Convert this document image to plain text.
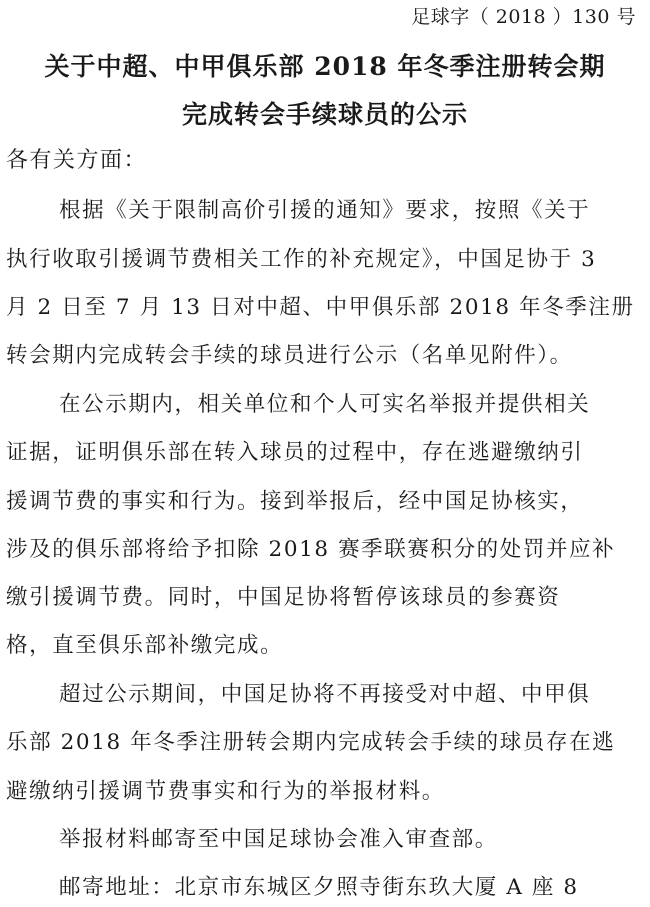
足球字（ 2018 ）130 号
关于中超、中甲俱乐部 2018 年冬季注册转会期
完成转会手续球员的公示
各有关方面：
根据《关于限制高价引援的通知》要求，按照《关于
执行收取引援调节费相关工作的补充规定》，中国足协于 3
月 2 日至 7 月 13 日对中超、中甲俱乐部 2018 年冬季注册
转会期内完成转会手续的球员进行公示（名单见附件）。
在公示期内，相关单位和个人可实名举报并提供相关
证据，证明俱乐部在转入球员的过程中，存在逃避缴纳引
援调节费的事实和行为。接到举报后，经中国足协核实，
涉及的俱乐部将给予扣除 2018 赛季联赛积分的处罚并应补
缴引援调节费。同时，中国足协将暂停该球员的参赛资
格，直至俱乐部补缴完成。
超过公示期间，中国足协将不再接受对中超、中甲俱
乐部 2018 年冬季注册转会期内完成转会手续的球员存在逃
避缴纳引援调节费事实和行为的举报材料。
举报材料邮寄至中国足球协会准入审查部。
邮寄地址：北京市东城区夕照寺街东玖大厦 A 座 8
